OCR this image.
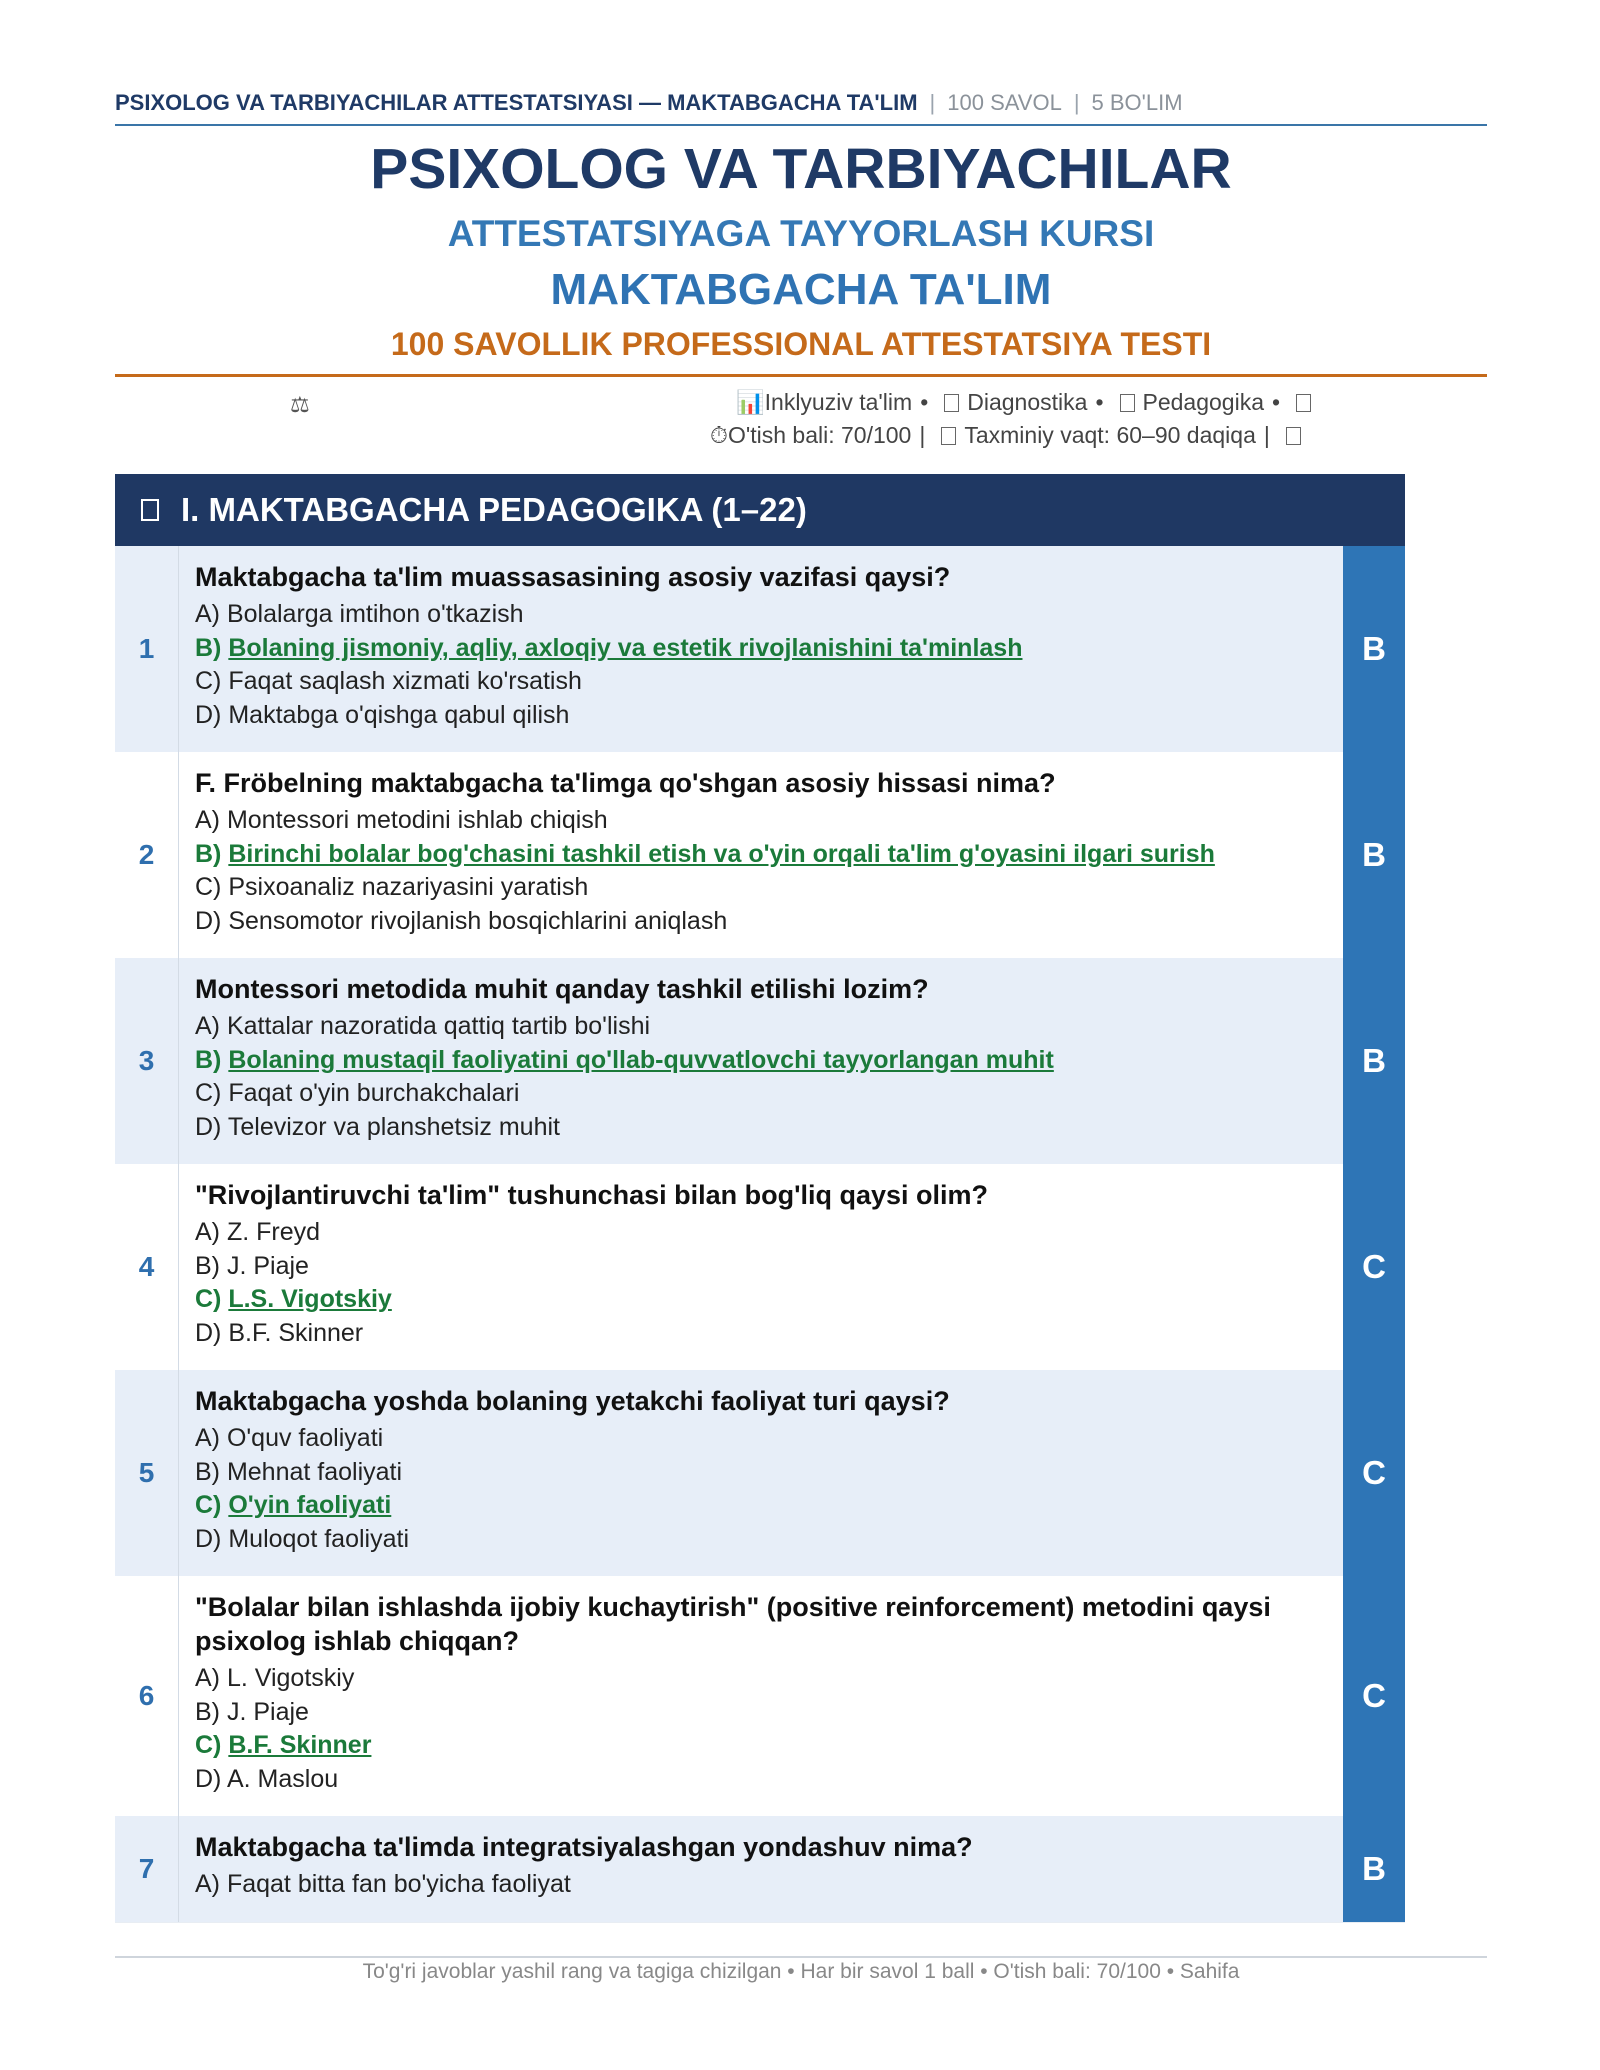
PSIXOLOG VA TARBIYACHILAR ATTESTATSIYASI — MAKTABGACHA TA'LIM | 100 SAVOL | 5 BO'LIM
PSIXOLOG VA TARBIYACHILAR
ATTESTATSIYAGA TAYYORLASH KURSI
MAKTABGACHA TA'LIM
100 SAVOLLIK PROFESSIONAL ATTESTATSIYA TESTI
⚖	📊Inklyuziv ta'lim • Diagnostika • Pedagogika •
⏱O'tish bali: 70/100 | Taxminiy vaqt: 60–90 daqiqa |
I. MAKTABGACHA PEDAGOGIKA (1–22)
1
Maktabgacha ta'lim muassasasining asosiy vazifasi qaysi?
A) Bolalarga imtihon o'tkazish
B) Bolaning jismoniy, aqliy, axloqiy va estetik rivojlanishini ta'minlash
C) Faqat saqlash xizmati ko'rsatish
D) Maktabga o'qishga qabul qilish
B
2
F. Fröbelning maktabgacha ta'limga qo'shgan asosiy hissasi nima?
A) Montessori metodini ishlab chiqish
B) Birinchi bolalar bog'chasini tashkil etish va o'yin orqali ta'lim g'oyasini ilgari surish
C) Psixoanaliz nazariyasini yaratish
D) Sensomotor rivojlanish bosqichlarini aniqlash
B
3
Montessori metodida muhit qanday tashkil etilishi lozim?
A) Kattalar nazoratida qattiq tartib bo'lishi
B) Bolaning mustaqil faoliyatini qo'llab-quvvatlovchi tayyorlangan muhit
C) Faqat o'yin burchakchalari
D) Televizor va planshetsiz muhit
B
4
"Rivojlantiruvchi ta'lim" tushunchasi bilan bog'liq qaysi olim?
A) Z. Freyd
B) J. Piaje
C) L.S. Vigotskiy
D) B.F. Skinner
C
5
Maktabgacha yoshda bolaning yetakchi faoliyat turi qaysi?
A) O'quv faoliyati
B) Mehnat faoliyati
C) O'yin faoliyati
D) Muloqot faoliyati
C
6
"Bolalar bilan ishlashda ijobiy kuchaytirish" (positive reinforcement) metodini qaysi psixolog ishlab chiqqan?
A) L. Vigotskiy
B) J. Piaje
C) B.F. Skinner
D) A. Maslou
C
7
Maktabgacha ta'limda integratsiyalashgan yondashuv nima?
A) Faqat bitta fan bo'yicha faoliyat	B
To'g'ri javoblar yashil rang va tagiga chizilgan • Har bir savol 1 ball • O'tish bali: 70/100 • Sahifa
